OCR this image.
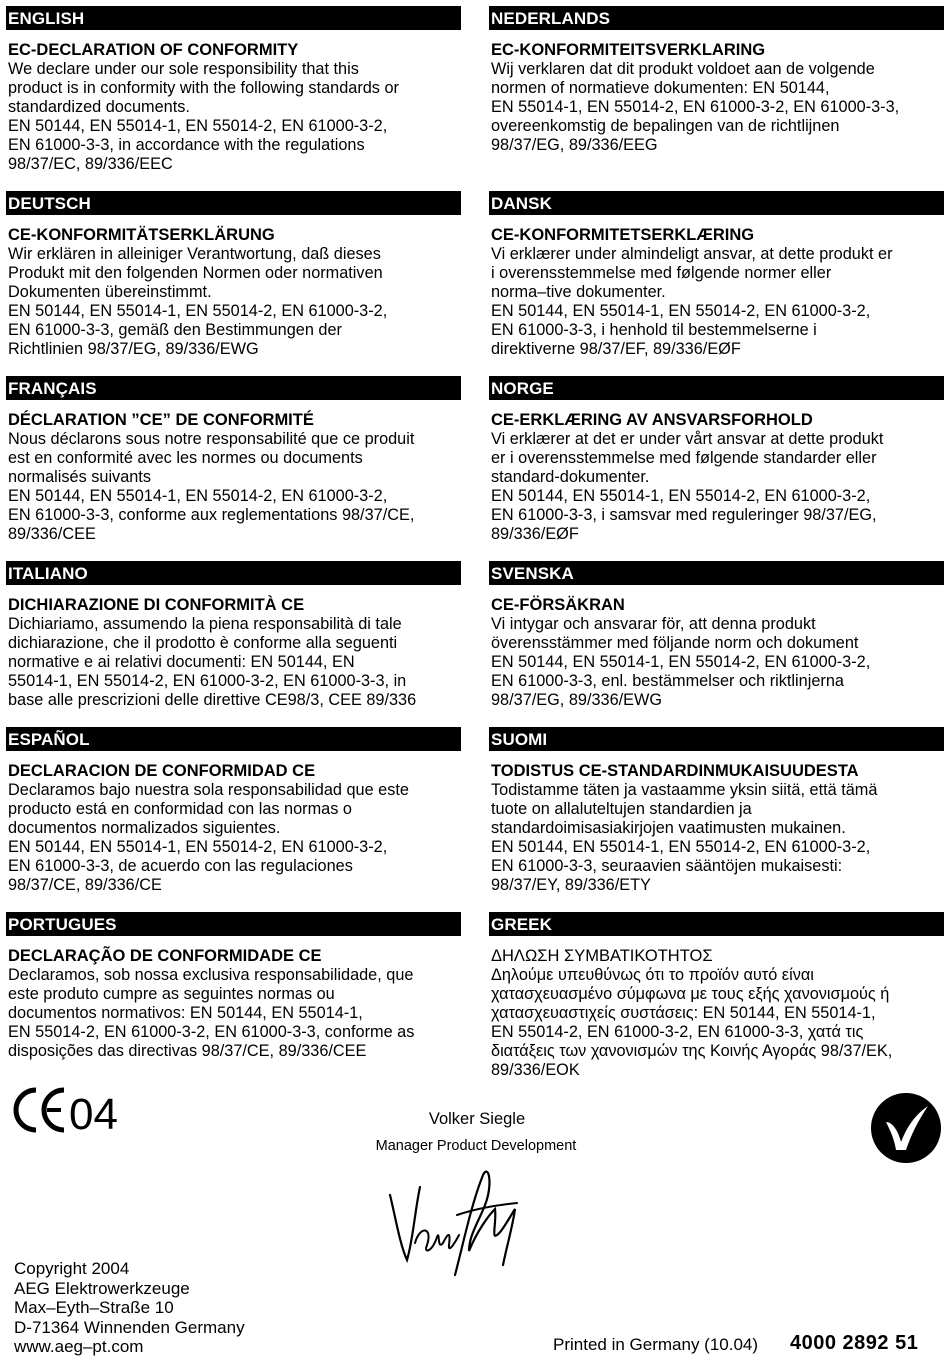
ENGLISH
EC-DECLARATION OF CONFORMITY

We declare under our sole responsibility that this

product is in conformity with the following standards or

standardized documents.

EN 50144, EN 55014-1, EN 55014-2, EN 61000-3-2,

EN 61000-3-3, in accordance with the regulations

98/37/EC, 89/336/EEC

NEDERLANDS
EC-KONFORMITEITSVERKLARING

Wij verklaren dat dit produkt voldoet aan de volgende

normen of normatieve dokumenten: EN 50144,

EN 55014-1, EN 55014-2, EN 61000-3-2, EN 61000-3-3,

overeenkomstig de bepalingen van de richtlijnen

98/37/EG, 89/336/EEG

DEUTSCH
CE-KONFORMITÄTSERKLÄRUNG

Wir erklären in alleiniger Verantwortung, daß dieses

Produkt mit den folgenden Normen oder normativen

Dokumenten übereinstimmt.

EN 50144, EN 55014-1, EN 55014-2, EN 61000-3-2,

EN 61000-3-3, gemäß den Bestimmungen der

Richtlinien 98/37/EG, 89/336/EWG

DANSK
CE-KONFORMITETSERKLÆRING

Vi erklærer under almindeligt ansvar, at dette produkt er

i overensstemmelse med følgende normer eller

norma–tive dokumenter.

EN 50144, EN 55014-1, EN 55014-2, EN 61000-3-2,

EN 61000-3-3, i henhold til bestemmelserne i

direktiverne 98/37/EF, 89/336/EØF

FRANÇAIS
DÉCLARATION ”CE” DE CONFORMITÉ

Nous déclarons sous notre responsabilité que ce produit

est en conformité avec les normes ou documents

normalisés suivants

EN 50144, EN 55014-1, EN 55014-2, EN 61000-3-2,

EN 61000-3-3, conforme aux reglementations 98/37/CE,

89/336/CEE

NORGE
CE-ERKLÆRING AV ANSVARSFORHOLD

Vi erklærer at det er under vårt ansvar at dette produkt

er i overensstemmelse med følgende standarder eller

standard-dokumenter.

EN 50144, EN 55014-1, EN 55014-2, EN 61000-3-2,

EN 61000-3-3, i samsvar med reguleringer 98/37/EG,

89/336/EØF

ITALIANO
DICHIARAZIONE DI CONFORMITÀ CE

Dichiariamo, assumendo la piena responsabilità di tale

dichiarazione, che il prodotto è conforme alla seguenti

normative e ai relativi documenti: EN 50144, EN

55014-1, EN 55014-2, EN 61000-3-2, EN 61000-3-3, in

base alle prescrizioni delle direttive CE98/3, CEE 89/336

SVENSKA
CE-FÖRSÄKRAN

Vi intygar och ansvarar för, att denna produkt

överensstämmer med följande norm och dokument

EN 50144, EN 55014-1, EN 55014-2, EN 61000-3-2,

EN 61000-3-3, enl. bestämmelser och riktlinjerna

98/37/EG, 89/336/EWG

ESPAÑOL
DECLARACION DE CONFORMIDAD CE

Declaramos bajo nuestra sola responsabilidad que este

producto está en conformidad con las normas o

documentos normalizados siguientes.

EN 50144, EN 55014-1, EN 55014-2, EN 61000-3-2,

EN 61000-3-3, de acuerdo con las regulaciones

98/37/CE, 89/336/CE

SUOMI
TODISTUS CE-STANDARDINMUKAISUUDESTA

Todistamme täten ja vastaamme yksin siitä, että tämä

tuote on allaluteltujen standardien ja

standardoimisasiakirjojen vaatimusten mukainen.

EN 50144, EN 55014-1, EN 55014-2, EN 61000-3-2,

EN 61000-3-3, seuraavien sääntöjen mukaisesti:

98/37/EY, 89/336/ETY

PORTUGUES
DECLARAÇÃO DE CONFORMIDADE CE

Declaramos, sob nossa exclusiva responsabilidade, que

este produto cumpre as seguintes normas ou

documentos normativos: EN 50144, EN 55014-1,

EN 55014-2, EN 61000-3-2, EN 61000-3-3, conforme as

disposições das directivas 98/37/CE, 89/336/CEE

GREEK
ΔΗΛΩΣΗ ΣΥΜΒΑΤΙΚΟΤΗΤΟΣ

Δηλούμε υπευθύνως ότι το προϊόν αυτό είναι

χατασχευασμένο σύμφωνα με τους εξής χανονισμούς ή

χατασχευαστιχείς συστάσεις: EN 50144, EN 55014-1,

EN 55014-2, EN 61000-3-2, EN 61000-3-3, χατά τις

διατάξεις των χανονισμών της Κοινής Αγοράς 98/37/ΕΚ,

89/336/ΕΟΚ

04	Volker Siegle
Manager Product Development
Copyright 2004
AEG Elektrowerkzeuge
Max–Eyth–Straße 10
D-71364 Winnenden Germany
www.aeg–pt.com	Printed in Germany (10.04) 4000 2892 51
